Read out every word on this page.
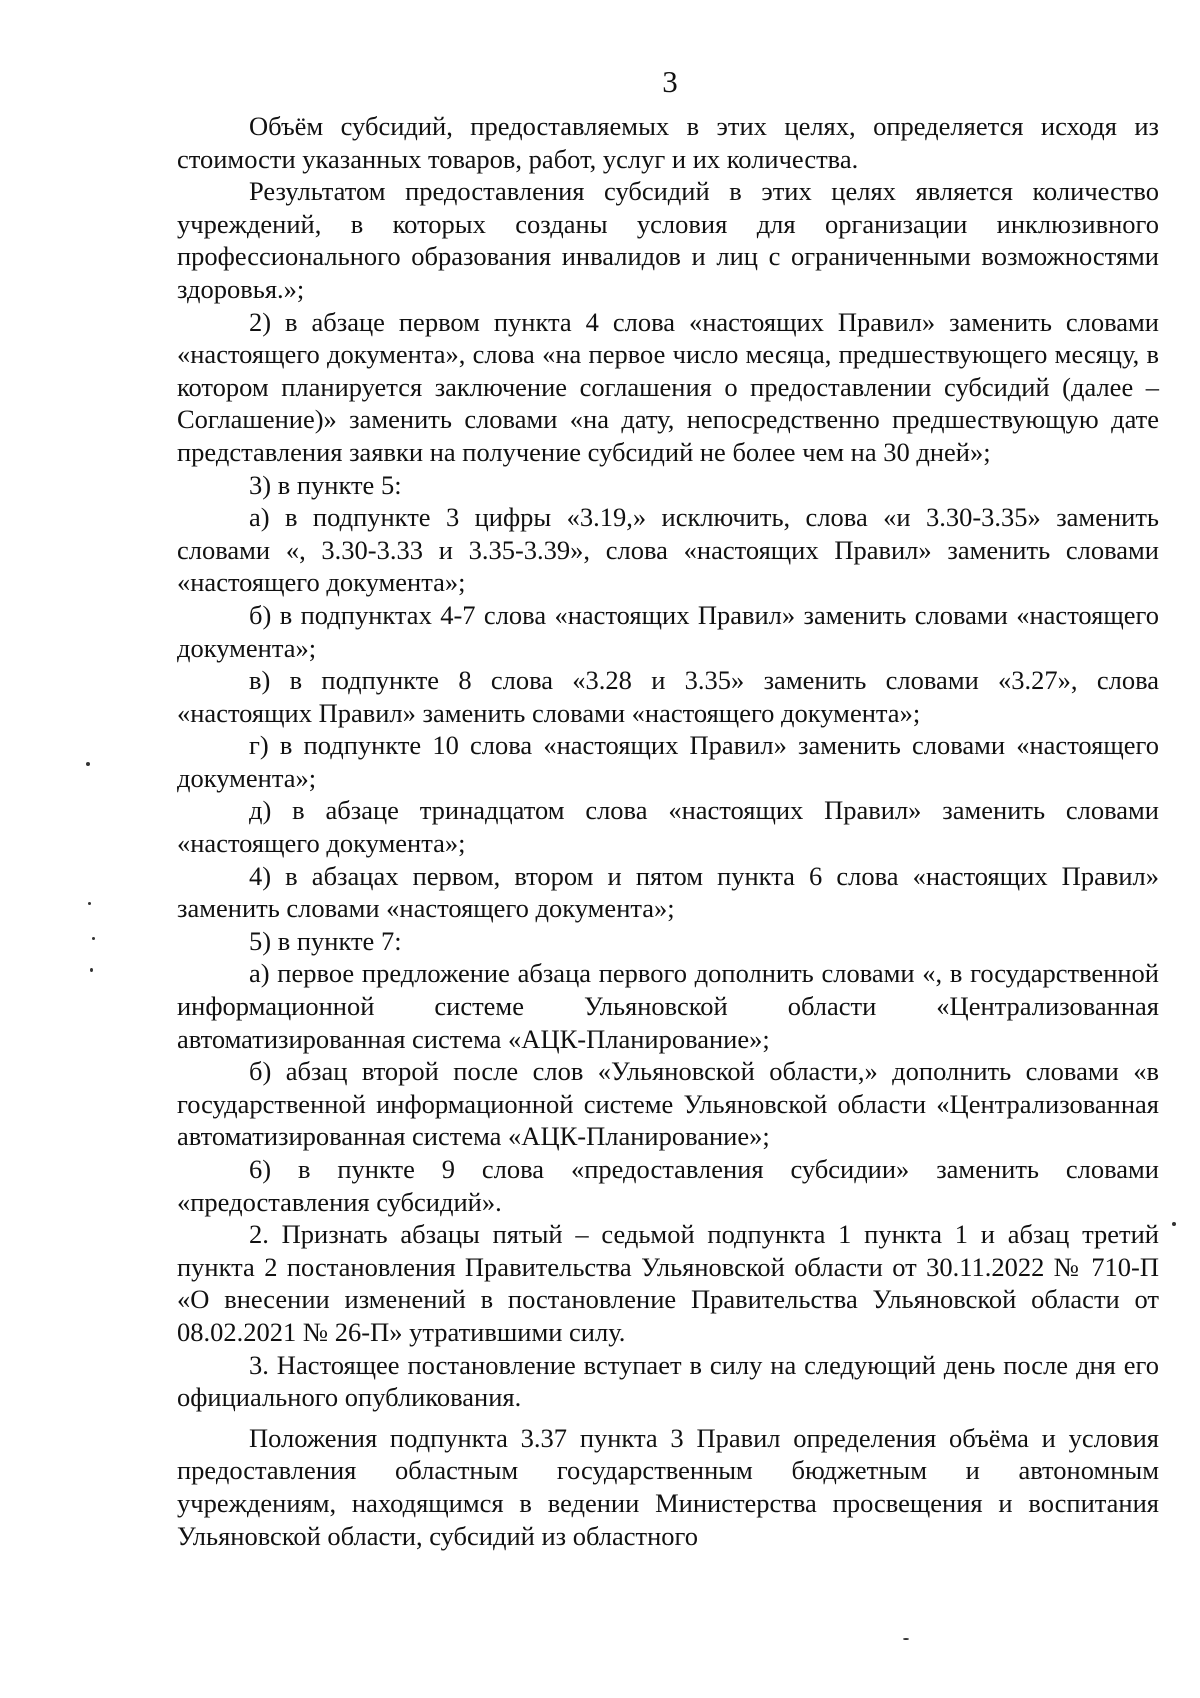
3

Объём субсидий, предоставляемых в этих целях, определяется исходя из стоимости указанных товаров, работ, услуг и их количества.

Результатом предоставления субсидий в этих целях является количество учреждений, в которых созданы условия для организации инклюзивного профессионального образования инвалидов и лиц с ограниченными возможностями здоровья.»;

2) в абзаце первом пункта 4 слова «настоящих Правил» заменить словами «настоящего документа», слова «на первое число месяца, предшествующего месяцу, в котором планируется заключение соглашения о предоставлении субсидий (далее – Соглашение)» заменить словами «на дату, непосредственно предшествующую дате представления заявки на получение субсидий не более чем на 30 дней»;

3) в пункте 5:

а) в подпункте 3 цифры «3.19,» исключить, слова «и 3.30-3.35» заменить словами «, 3.30-3.33 и 3.35-3.39», слова «настоящих Правил» заменить словами «настоящего документа»;

б) в подпунктах 4-7 слова «настоящих Правил» заменить словами «настоящего документа»;

в) в подпункте 8 слова «3.28 и 3.35» заменить словами «3.27», слова «настоящих Правил» заменить словами «настоящего документа»;

г) в подпункте 10 слова «настоящих Правил» заменить словами «настоящего документа»;

д) в абзаце тринадцатом слова «настоящих Правил» заменить словами «настоящего документа»;

4) в абзацах первом, втором и пятом пункта 6 слова «настоящих Правил» заменить словами «настоящего документа»;

5) в пункте 7:

а) первое предложение абзаца первого дополнить словами «, в государственной информационной системе Ульяновской области «Централизованная автоматизированная система «АЦК-Планирование»;

б) абзац второй после слов «Ульяновской области,» дополнить словами «в государственной информационной системе Ульяновской области «Централизованная автоматизированная система «АЦК-Планирование»;

6) в пункте 9 слова «предоставления субсидии» заменить словами «предоставления субсидий».

2. Признать абзацы пятый – седьмой подпункта 1 пункта 1 и абзац третий пункта 2 постановления Правительства Ульяновской области от 30.11.2022 № 710-П «О внесении изменений в постановление Правительства Ульяновской области от 08.02.2021 № 26-П» утратившими силу.

3. Настоящее постановление вступает в силу на следующий день после дня его официального опубликования.

Положения подпункта 3.37 пункта 3 Правил определения объёма и условия предоставления областным государственным бюджетным и автономным учреждениям, находящимся в ведении Министерства просвещения и воспитания Ульяновской области, субсидий из областного
